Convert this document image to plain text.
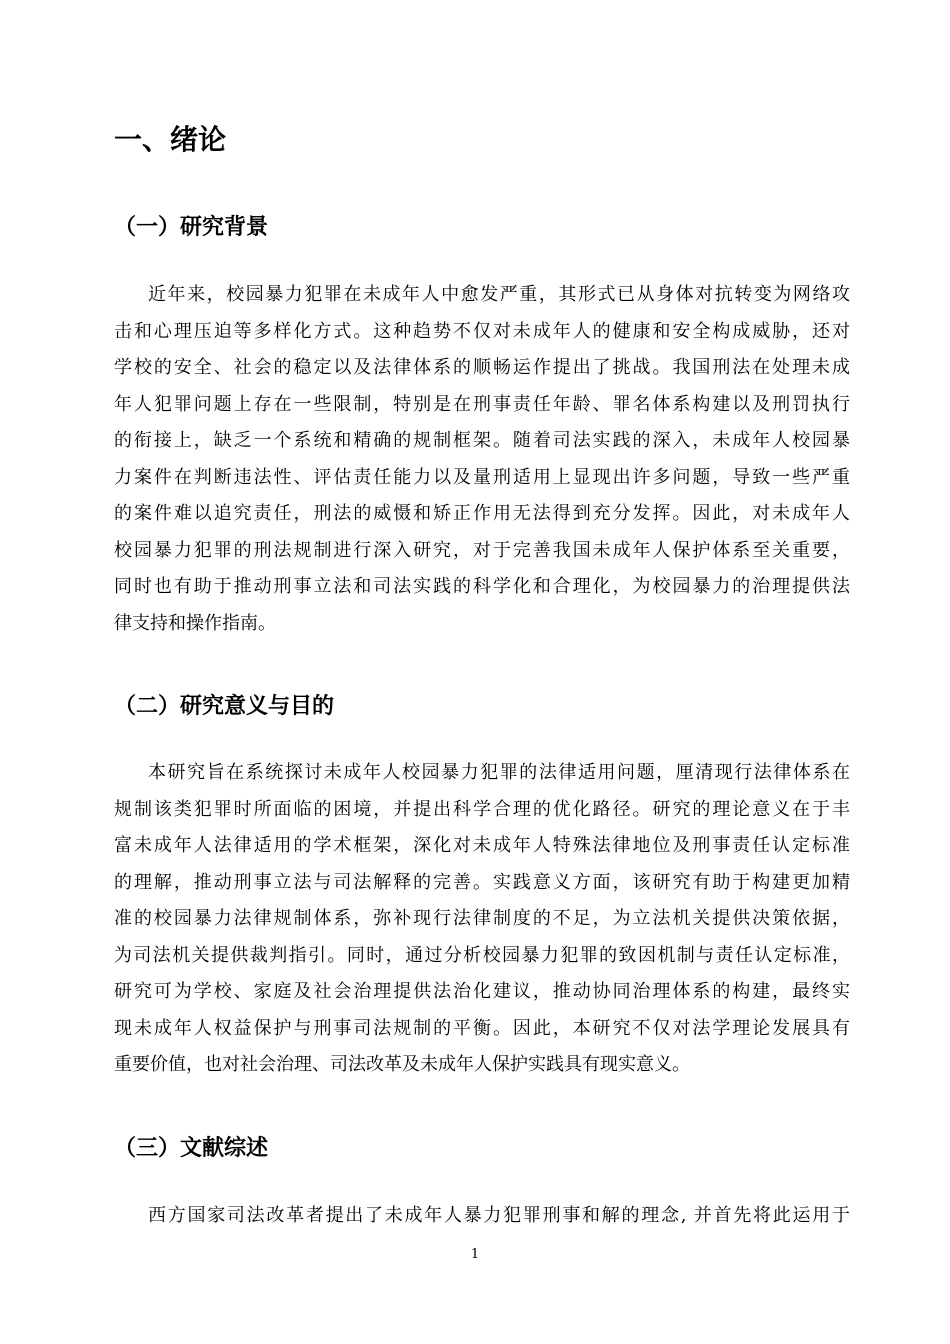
一、绪论
（一）研究背景
近年来，校园暴力犯罪在未成年人中愈发严重，其形式已从身体对抗转变为网络攻
击和心理压迫等多样化方式。这种趋势不仅对未成年人的健康和安全构成威胁，还对
学校的安全、社会的稳定以及法律体系的顺畅运作提出了挑战。我国刑法在处理未成
年人犯罪问题上存在一些限制，特别是在刑事责任年龄、罪名体系构建以及刑罚执行
的衔接上，缺乏一个系统和精确的规制框架。随着司法实践的深入，未成年人校园暴
力案件在判断违法性、评估责任能力以及量刑适用上显现出许多问题，导致一些严重
的案件难以追究责任，刑法的威慑和矫正作用无法得到充分发挥。因此，对未成年人
校园暴力犯罪的刑法规制进行深入研究，对于完善我国未成年人保护体系至关重要，
同时也有助于推动刑事立法和司法实践的科学化和合理化，为校园暴力的治理提供法
律支持和操作指南。
（二）研究意义与目的
本研究旨在系统探讨未成年人校园暴力犯罪的法律适用问题，厘清现行法律体系在
规制该类犯罪时所面临的困境，并提出科学合理的优化路径。研究的理论意义在于丰
富未成年人法律适用的学术框架，深化对未成年人特殊法律地位及刑事责任认定标准
的理解，推动刑事立法与司法解释的完善。实践意义方面，该研究有助于构建更加精
准的校园暴力法律规制体系，弥补现行法律制度的不足，为立法机关提供决策依据，
为司法机关提供裁判指引。同时，通过分析校园暴力犯罪的致因机制与责任认定标准，
研究可为学校、家庭及社会治理提供法治化建议，推动协同治理体系的构建，最终实
现未成年人权益保护与刑事司法规制的平衡。因此，本研究不仅对法学理论发展具有
重要价值，也对社会治理、司法改革及未成年人保护实践具有现实意义。
（三）文献综述
西方国家司法改革者提出了未成年人暴力犯罪刑事和解的理念, 并首先将此运用于
1
